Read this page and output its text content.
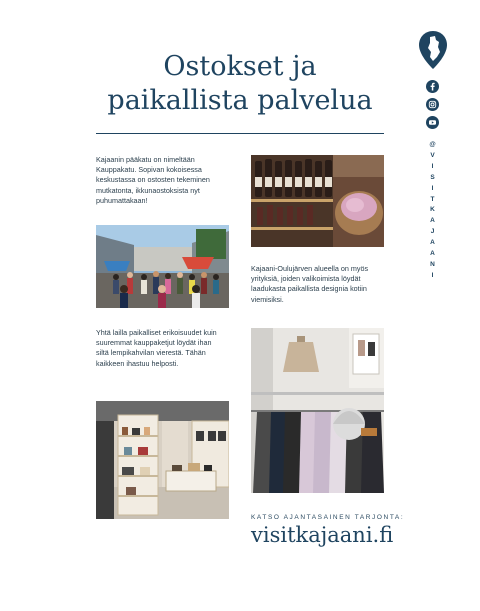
Ostokset ja
paikallista palvelua

Kajaanin pääkatu on nimeltään Kauppakatu. Sopivan kokoisessa keskustassa on ostosten tekeminen mutkatonta, ikkunaostoksista nyt puhumattakaan!

Kajaani-Oulujärven alueella on myös yrityksiä, joiden valikoimista löydät laadukasta paikallista designia kotiin viemisiksi.

Yhtä lailla paikalliset erikoisuudet kuin suuremmat kauppaketjut löydät ihan siltä lempikahvilan vierestä. Tähän kaikkeen ihastuu helposti.

KATSO AJANTASAINEN TARJONTA:
visitkajaani.fi
@
V
I
S
I
T
K
A
J
A
A
N
I
